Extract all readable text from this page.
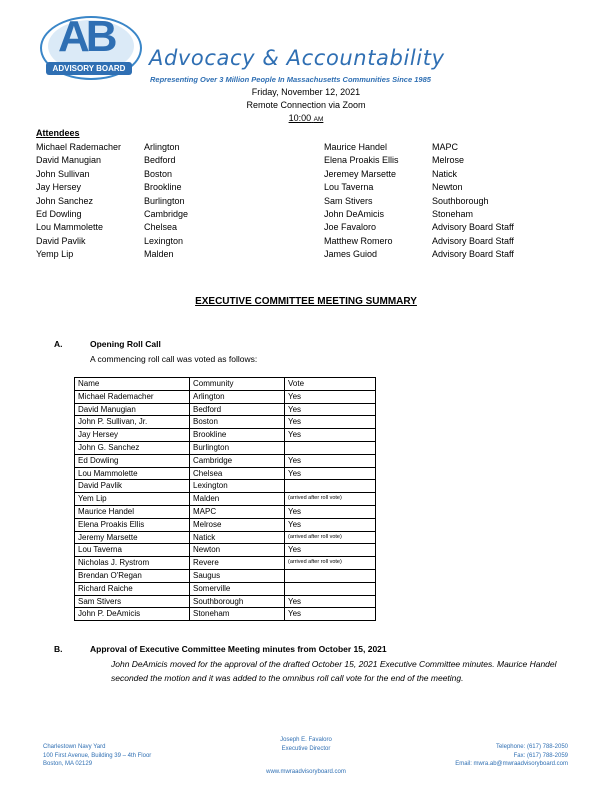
AB
ADVISORY BOARD	Advocacy & Accountability
Representing Over 3 Million People In Massachusetts Communities Since 1985
Friday, November 12, 2021
Remote Connection via Zoom
10:00 AM
Attendees
Michael Rademacher	Arlington
David Manugian	Bedford
John Sullivan	Boston
Jay Hersey	Brookline
John Sanchez	Burlington
Ed Dowling	Cambridge
Lou Mammolette	Chelsea
David Pavlik	Lexington
Yemp Lip	Malden
Maurice Handel	MAPC
Elena Proakis Ellis	Melrose
Jeremey Marsette	Natick
Lou Taverna	Newton
Sam Stivers	Southborough
John DeAmicis	Stoneham
Joe Favaloro	Advisory Board Staff
Matthew Romero	Advisory Board Staff
James Guiod	Advisory Board Staff
EXECUTIVE COMMITTEE MEETING SUMMARY
A.	Opening Roll Call
A commencing roll call was voted as follows:
Name	Community	Vote
Michael Rademacher	Arlington	Yes
David Manugian	Bedford	Yes
John P. Sullivan, Jr.	Boston	Yes
Jay Hersey	Brookline	Yes
John G. Sanchez	Burlington	
Ed Dowling	Cambridge	Yes
Lou Mammolette	Chelsea	Yes
David Pavlik	Lexington	
Yem Lip	Malden	(arrived after roll vote)
Maurice Handel	MAPC	Yes
Elena Proakis Ellis	Melrose	Yes
Jeremy Marsette	Natick	(arrived after roll vote)
Lou Taverna	Newton	Yes
Nicholas J. Rystrom	Revere	(arrived after roll vote)
Brendan O'Regan	Saugus	
Richard Raiche	Somerville	
Sam Stivers	Southborough	Yes
John P. DeAmicis	Stoneham	Yes
B.	Approval of Executive Committee Meeting minutes from October 15, 2021
John DeAmicis moved for the approval of the drafted October 15, 2021 Executive Committee minutes. Maurice Handel seconded the motion and it was added to the omnibus roll call vote for the end of the meeting.
Charlestown Navy Yard
100 First Avenue, Building 39 – 4th Floor
Boston, MA 02129
Joseph E. Favaloro
Executive Director
www.mwraadvisoryboard.com
Telephone: (617) 788-2050
Fax: (617) 788-2059
Email: mwra.ab@mwraadvisoryboard.com
